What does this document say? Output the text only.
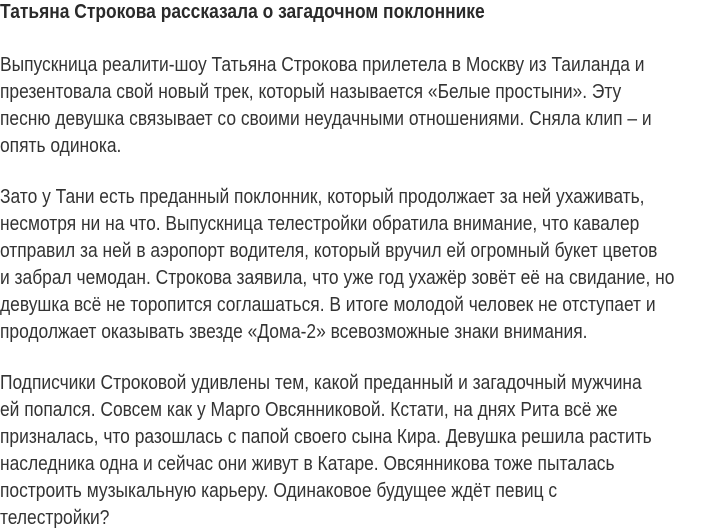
Татьяна Строкова рассказала о загадочном поклоннике

Выпускница реалити-шоу Татьяна Строкова прилетела в Москву из Таиланда и
презентовала свой новый трек, который называется «Белые простыни». Эту
песню девушка связывает со своими неудачными отношениями. Сняла клип – и
опять одинока.

Зато у Тани есть преданный поклонник, который продолжает за ней ухаживать,
несмотря ни на что. Выпускница телестройки обратила внимание, что кавалер
отправил за ней в аэропорт водителя, который вручил ей огромный букет цветов
и забрал чемодан. Строкова заявила, что уже год ухажёр зовёт её на свидание, но
девушка всё не торопится соглашаться. В итоге молодой человек не отступает и
продолжает оказывать звезде «Дома-2» всевозможные знаки внимания.

Подписчики Строковой удивлены тем, какой преданный и загадочный мужчина
ей попался. Совсем как у Марго Овсянниковой. Кстати, на днях Рита всё же
призналась, что разошлась с папой своего сына Кира. Девушка решила растить
наследника одна и сейчас они живут в Катаре. Овсянникова тоже пыталась
построить музыкальную карьеру. Одинаковое будущее ждёт певиц с
телестройки?
